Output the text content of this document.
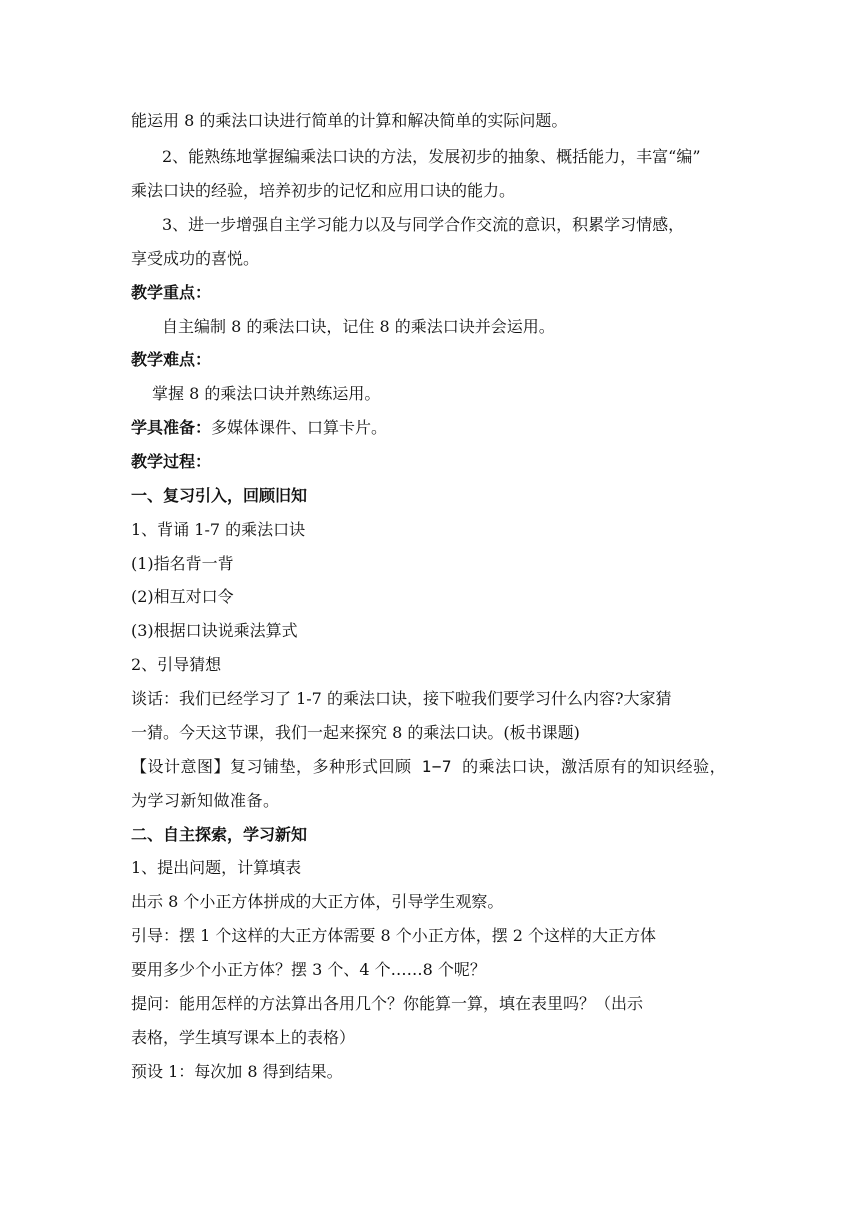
能运用 8 的乘法口诀进行简单的计算和解决简单的实际问题。
2、能熟练地掌握编乘法口诀的方法，发展初步的抽象、概括能力，丰富“编”
乘法口诀的经验，培养初步的记忆和应用口诀的能力。
3、进一步增强自主学习能力以及与同学合作交流的意识，积累学习情感，
享受成功的喜悦。
教学重点：
自主编制 8 的乘法口诀，记住 8 的乘法口诀并会运用。
教学难点：
掌握 8 的乘法口诀并熟练运用。
学具准备：多媒体课件、口算卡片。
教学过程：
一、复习引入，回顾旧知
1、背诵 1-7 的乘法口诀
(1)指名背一背
(2)相互对口令
(3)根据口诀说乘法算式
2、引导猜想
谈话：我们已经学习了 1-7 的乘法口诀，接下啦我们要学习什么内容?大家猜
一猜。今天这节课，我们一起来探究 8 的乘法口诀。(板书课题)
【设计意图】复习铺垫，多种形式回顾 1−7 的乘法口诀，激活原有的知识经验，
为学习新知做准备。
二、自主探索，学习新知
1、提出问题，计算填表
出示 8 个小正方体拼成的大正方体，引导学生观察。
引导：摆 1 个这样的大正方体需要 8 个小正方体，摆 2 个这样的大正方体
要用多少个小正方体？摆 3 个、4 个……8 个呢？
提问：能用怎样的方法算出各用几个？你能算一算，填在表里吗？（出示
表格，学生填写课本上的表格）
预设 1：每次加 8 得到结果。
